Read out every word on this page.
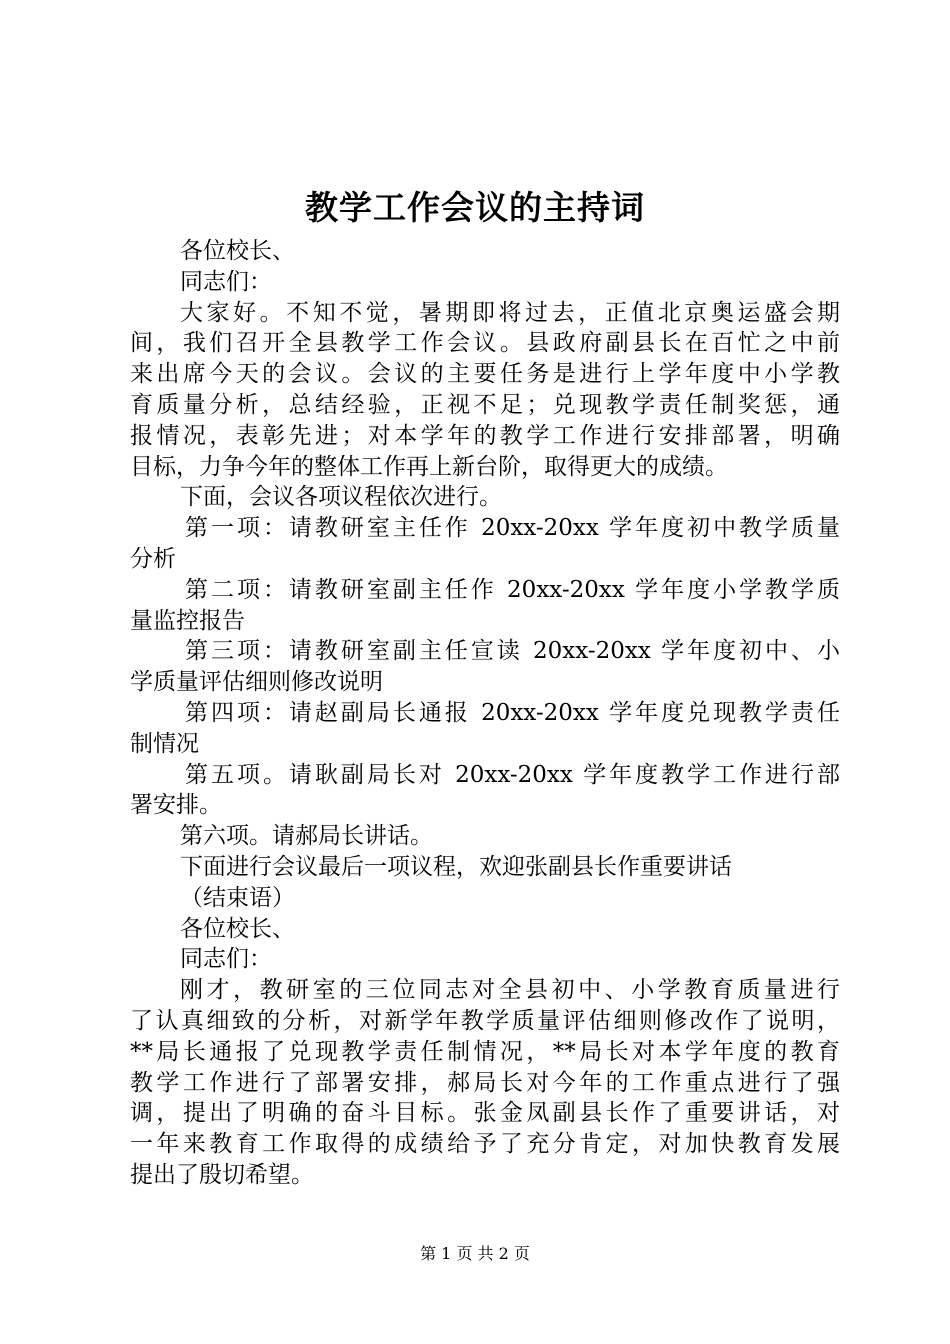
教学工作会议的主持词
各位校长、
同志们：
大家好。不知不觉，暑期即将过去，正值北京奥运盛会期
间，我们召开全县教学工作会议。县政府副县长在百忙之中前
来出席今天的会议。会议的主要任务是进行上学年度中小学教
育质量分析，总结经验，正视不足；兑现教学责任制奖惩，通
报情况，表彰先进；对本学年的教学工作进行安排部署，明确
目标，力争今年的整体工作再上新台阶，取得更大的成绩。
下面，会议各项议程依次进行。
第一项：请教研室主任作 20xx-20xx 学年度初中教学质量
分析
第二项：请教研室副主任作 20xx-20xx 学年度小学教学质
量监控报告
第三项：请教研室副主任宣读 20xx-20xx 学年度初中、小
学质量评估细则修改说明
第四项：请赵副局长通报 20xx-20xx 学年度兑现教学责任
制情况
第五项。请耿副局长对 20xx-20xx 学年度教学工作进行部
署安排。
第六项。请郝局长讲话。
下面进行会议最后一项议程，欢迎张副县长作重要讲话
（结束语）
各位校长、
同志们：
刚才，教研室的三位同志对全县初中、小学教育质量进行
了认真细致的分析，对新学年教学质量评估细则修改作了说明，
**局长通报了兑现教学责任制情况，**局长对本学年度的教育
教学工作进行了部署安排，郝局长对今年的工作重点进行了强
调，提出了明确的奋斗目标。张金凤副县长作了重要讲话，对
一年来教育工作取得的成绩给予了充分肯定，对加快教育发展
提出了殷切希望。
第 1 页 共 2 页
